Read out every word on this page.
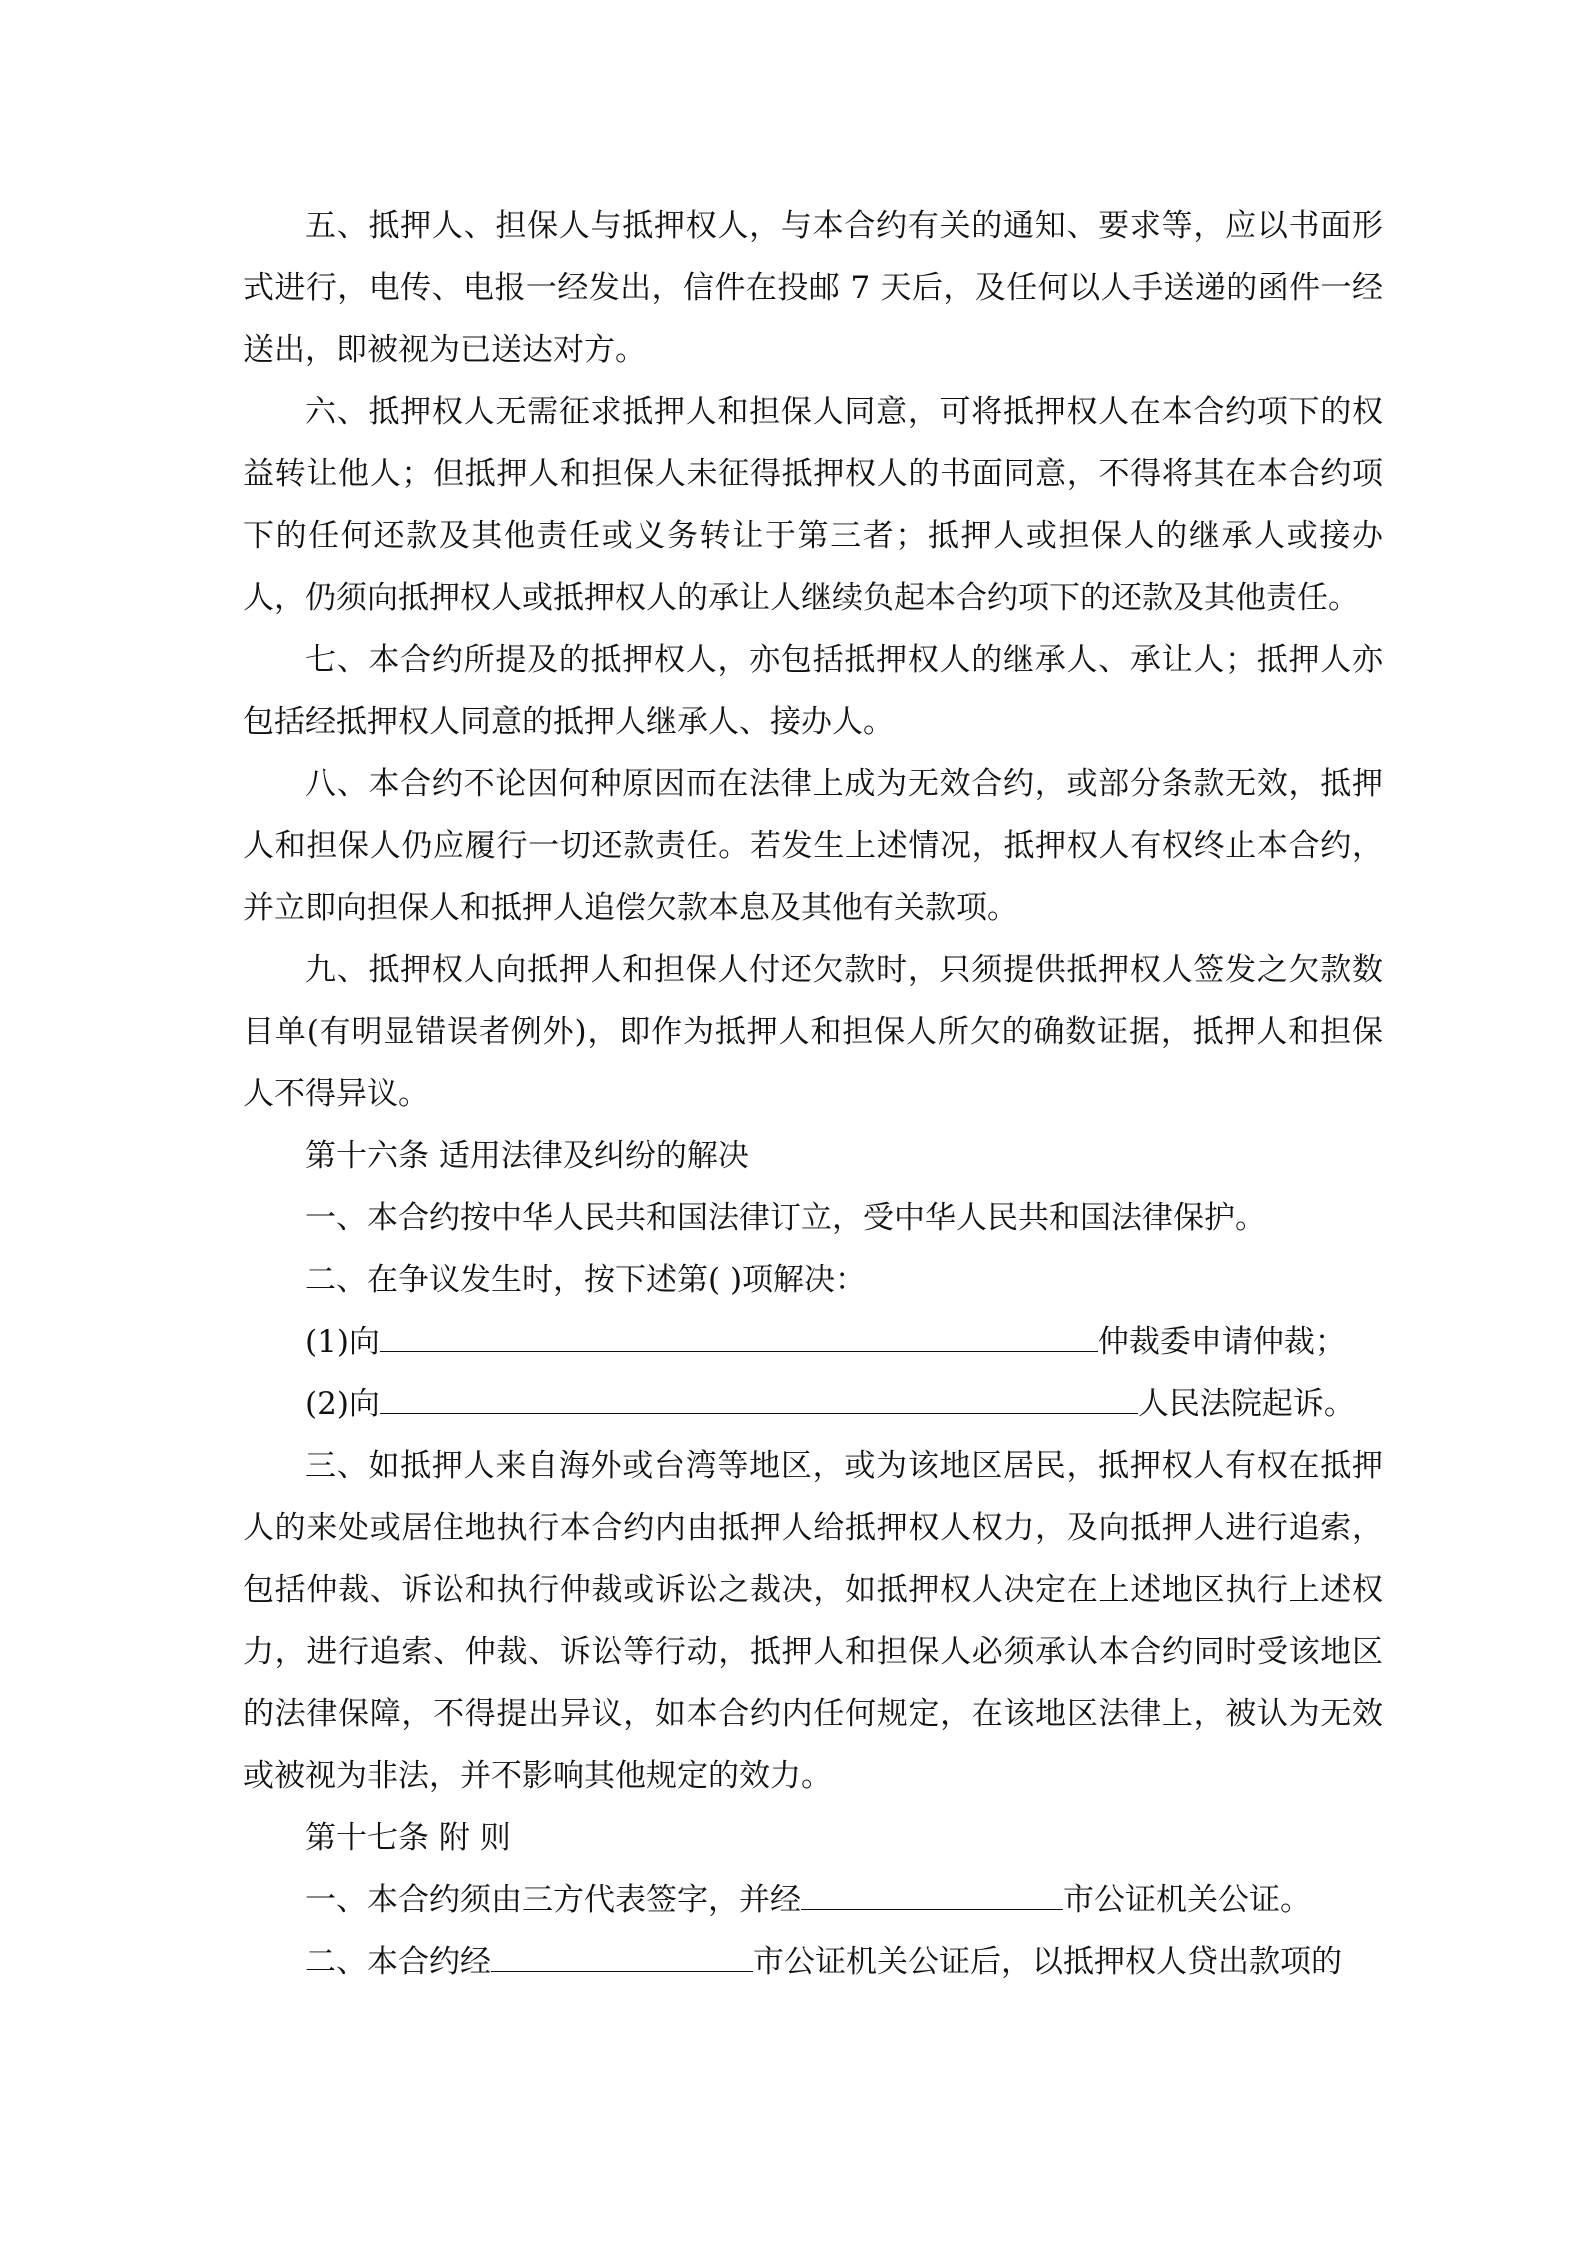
五、抵押人、担保人与抵押权人，与本合约有关的通知、要求等，应以书面形式进行，电传、电报一经发出，信件在投邮 7 天后，及任何以人手送递的函件一经送出，即被视为已送达对方。

六、抵押权人无需征求抵押人和担保人同意，可将抵押权人在本合约项下的权益转让他人；但抵押人和担保人未征得抵押权人的书面同意，不得将其在本合约项下的任何还款及其他责任或义务转让于第三者；抵押人或担保人的继承人或接办人，仍须向抵押权人或抵押权人的承让人继续负起本合约项下的还款及其他责任。

七、本合约所提及的抵押权人，亦包括抵押权人的继承人、承让人；抵押人亦包括经抵押权人同意的抵押人继承人、接办人。

八、本合约不论因何种原因而在法律上成为无效合约，或部分条款无效，抵押人和担保人仍应履行一切还款责任。若发生上述情况，抵押权人有权终止本合约，并立即向担保人和抵押人追偿欠款本息及其他有关款项。

九、抵押权人向抵押人和担保人付还欠款时，只须提供抵押权人签发之欠款数目单(有明显错误者例外)，即作为抵押人和担保人所欠的确数证据，抵押人和担保人不得异议。

第十六条 适用法律及纠纷的解决

一、本合约按中华人民共和国法律订立，受中华人民共和国法律保护。

二、在争议发生时，按下述第( )项解决：

(1)向	仲裁委申请仲裁；
(2)向	人民法院起诉。

三、如抵押人来自海外或台湾等地区，或为该地区居民，抵押权人有权在抵押人的来处或居住地执行本合约内由抵押人给抵押权人权力，及向抵押人进行追索，包括仲裁、诉讼和执行仲裁或诉讼之裁决，如抵押权人决定在上述地区执行上述权力，进行追索、仲裁、诉讼等行动，抵押人和担保人必须承认本合约同时受该地区的法律保障，不得提出异议，如本合约内任何规定，在该地区法律上，被认为无效或被视为非法，并不影响其他规定的效力。

第十七条 附 则

一、本合约须由三方代表签字，并经	市公证机关公证。
二、本合约经	市公证机关公证后，以抵押权人贷出款项的
